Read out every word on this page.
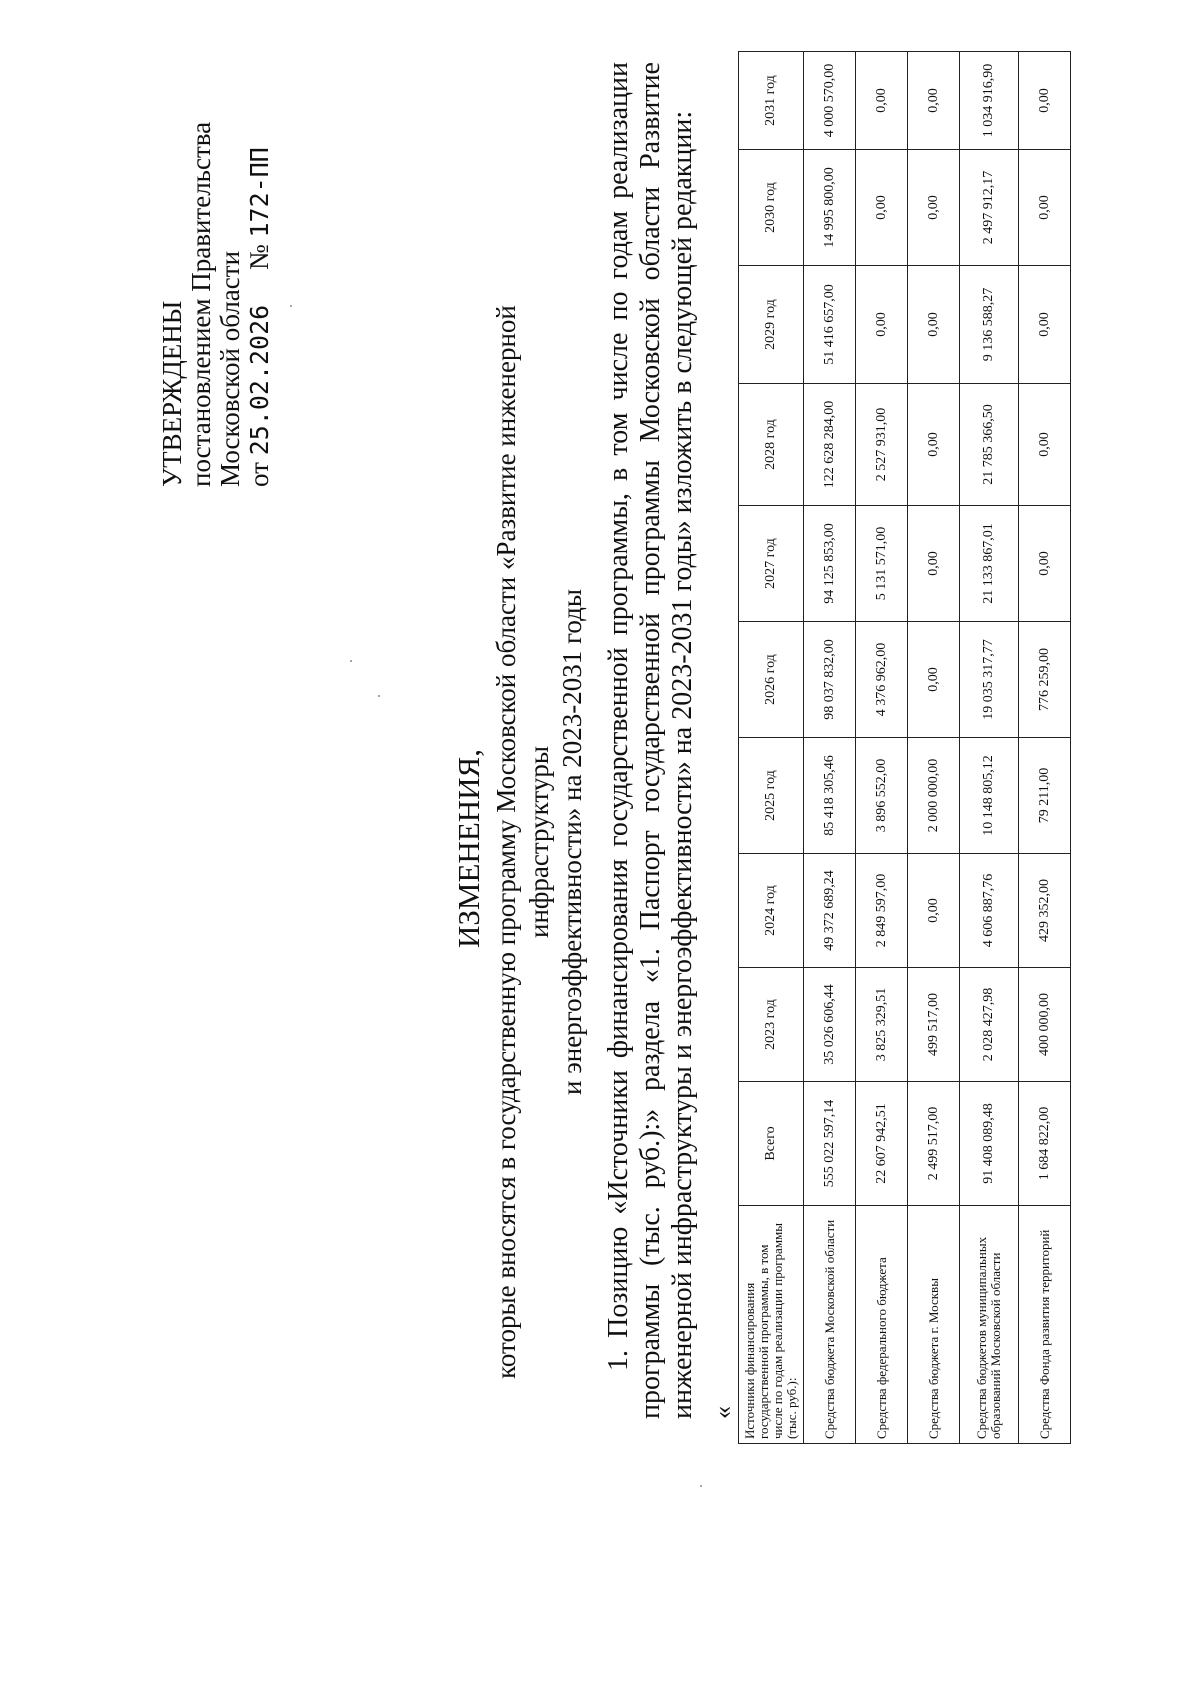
УТВЕРЖДЕНЫ постановлением Правительства Московской области от 25.02.2026 № 172-ПП
ИЗМЕНЕНИЯ, которые вносятся в государственную программу Московской области «Развитие инженерной инфраструктуры и энергоэффективности» на 2023-2031 годы 1. Позицию «Источники финансирования государственной программы, в том числе по годам реализации программы (тыс. руб.):» раздела «1. Паспорт государственной программы Московской области Развитие инженерной инфраструктуры и энергоэффективности» на 2023-2031 годы» изложить в следующей редакции: « Источники финансирования государственной программы, в том числе по годам реализации программы (тыс. руб.):	Всего	2023 год	2024 год	2025 год	2026 год	2027 год	2028 год	2029 год	2030 год	2031 год
Средства бюджета Московской области	555 022 597,14	35 026 606,44	49 372 689,24	85 418 305,46	98 037 832,00	94 125 853,00	122 628 284,00	51 416 657,00	14 995 800,00	4 000 570,00
Средства федерального бюджета	22 607 942,51	3 825 329,51	2 849 597,00	3 896 552,00	4 376 962,00	5 131 571,00	2 527 931,00	0,00	0,00	0,00
Средства бюджета г. Москвы	2 499 517,00	499 517,00	0,00	2 000 000,00	0,00	0,00	0,00	0,00	0,00	0,00
Средства бюджетов муниципальных образований Московской области	91 408 089,48	2 028 427,98	4 606 887,76	10 148 805,12	19 035 317,77	21 133 867,01	21 785 366,50	9 136 588,27	2 497 912,17	1 034 916,90
Средства Фонда развития территорий	1 684 822,00	400 000,00	429 352,00	79 211,00	776 259,00	0,00	0,00	0,00	0,00	0,00
